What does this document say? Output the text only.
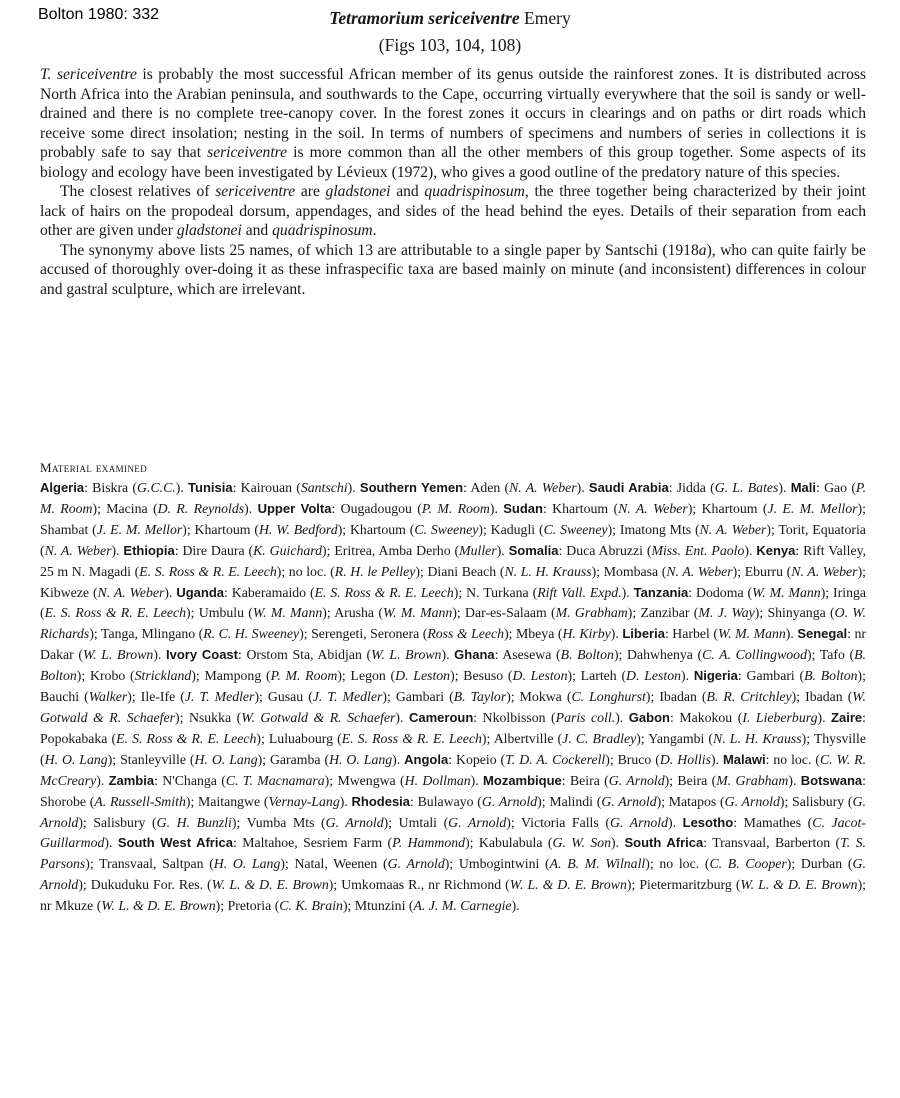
Bolton 1980: 332	Tetramorium sericeiventre Emery
(Figs 103, 104, 108)

T. sericeiventre is probably the most successful African member of its genus outside the rainforest zones. It is distributed across North Africa into the Arabian peninsula, and southwards to the Cape, occurring virtually everywhere that the soil is sandy or well-drained and there is no complete tree-canopy cover. In the forest zones it occurs in clearings and on paths or dirt roads which receive some direct insolation; nesting in the soil. In terms of numbers of specimens and numbers of series in collections it is probably safe to say that sericeiventre is more common than all the other members of this group together. Some aspects of its biology and ecology have been investigated by Lévieux (1972), who gives a good outline of the predatory nature of this species.

The closest relatives of sericeiventre are gladstonei and quadrispinosum, the three together being characterized by their joint lack of hairs on the propodeal dorsum, appendages, and sides of the head behind the eyes. Details of their separation from each other are given under gladstonei and quadrispinosum.

The synonymy above lists 25 names, of which 13 are attributable to a single paper by Santschi (1918a), who can quite fairly be accused of thoroughly over-doing it as these infraspecific taxa are based mainly on minute (and inconsistent) differences in colour and gastral sculpture, which are irrelevant.

Material examined
Algeria: Biskra (G.C.C.). Tunisia: Kairouan (Santschi). Southern Yemen: Aden (N. A. Weber). Saudi Arabia: Jidda (G. L. Bates). Mali: Gao (P. M. Room); Macina (D. R. Reynolds). Upper Volta: Ougadougou (P. M. Room). Sudan: Khartoum (N. A. Weber); Khartoum (J. E. M. Mellor); Shambat (J. E. M. Mellor); Khartoum (H. W. Bedford); Khartoum (C. Sweeney); Kadugli (C. Sweeney); Imatong Mts (N. A. Weber); Torit, Equatoria (N. A. Weber). Ethiopia: Dire Daura (K. Guichard); Eritrea, Amba Derho (Muller). Somalia: Duca Abruzzi (Miss. Ent. Paolo). Kenya: Rift Valley, 25 m N. Magadi (E. S. Ross & R. E. Leech); no loc. (R. H. le Pelley); Diani Beach (N. L. H. Krauss); Mombasa (N. A. Weber); Eburru (N. A. Weber); Kibweze (N. A. Weber). Uganda: Kaberamaido (E. S. Ross & R. E. Leech); N. Turkana (Rift Vall. Expd.). Tanzania: Dodoma (W. M. Mann); Iringa (E. S. Ross & R. E. Leech); Umbulu (W. M. Mann); Arusha (W. M. Mann); Dar-es-Salaam (M. Grabham); Zanzibar (M. J. Way); Shinyanga (O. W. Richards); Tanga, Mlingano (R. C. H. Sweeney); Serengeti, Seronera (Ross & Leech); Mbeya (H. Kirby). Liberia: Harbel (W. M. Mann). Senegal: nr Dakar (W. L. Brown). Ivory Coast: Orstom Sta, Abidjan (W. L. Brown). Ghana: Asesewa (B. Bolton); Dahwhenya (C. A. Collingwood); Tafo (B. Bolton); Krobo (Strickland); Mampong (P. M. Room); Legon (D. Leston); Besuso (D. Leston); Larteh (D. Leston). Nigeria: Gambari (B. Bolton); Bauchi (Walker); Ile-Ife (J. T. Medler); Gusau (J. T. Medler); Gambari (B. Taylor); Mokwa (C. Longhurst); Ibadan (B. R. Critchley); Ibadan (W. Gotwald & R. Schaefer); Nsukka (W. Gotwald & R. Schaefer). Cameroun: Nkolbisson (Paris coll.). Gabon: Makokou (I. Lieberburg). Zaire: Popokabaka (E. S. Ross & R. E. Leech); Luluabourg (E. S. Ross & R. E. Leech); Albertville (J. C. Bradley); Yangambi (N. L. H. Krauss); Thysville (H. O. Lang); Stanleyville (H. O. Lang); Garamba (H. O. Lang). Angola: Kopeio (T. D. A. Cockerell); Bruco (D. Hollis). Malawi: no loc. (C. W. R. McCreary). Zambia: N'Changa (C. T. Macnamara); Mwengwa (H. Dollman). Mozambique: Beira (G. Arnold); Beira (M. Grabham). Botswana: Shorobe (A. Russell-Smith); Maitangwe (Vernay-Lang). Rhodesia: Bulawayo (G. Arnold); Malindi (G. Arnold); Matapos (G. Arnold); Salisbury (G. Arnold); Salisbury (G. H. Bunzli); Vumba Mts (G. Arnold); Umtali (G. Arnold); Victoria Falls (G. Arnold). Lesotho: Mamathes (C. Jacot-Guillarmod). South West Africa: Maltahoe, Sesriem Farm (P. Hammond); Kabulabula (G. W. Son). South Africa: Transvaal, Barberton (T. S. Parsons); Transvaal, Saltpan (H. O. Lang); Natal, Weenen (G. Arnold); Umbogintwini (A. B. M. Wilnall); no loc. (C. B. Cooper); Durban (G. Arnold); Dukuduku For. Res. (W. L. & D. E. Brown); Umkomaas R., nr Richmond (W. L. & D. E. Brown); Pietermaritzburg (W. L. & D. E. Brown); nr Mkuze (W. L. & D. E. Brown); Pretoria (C. K. Brain); Mtunzini (A. J. M. Carnegie).
